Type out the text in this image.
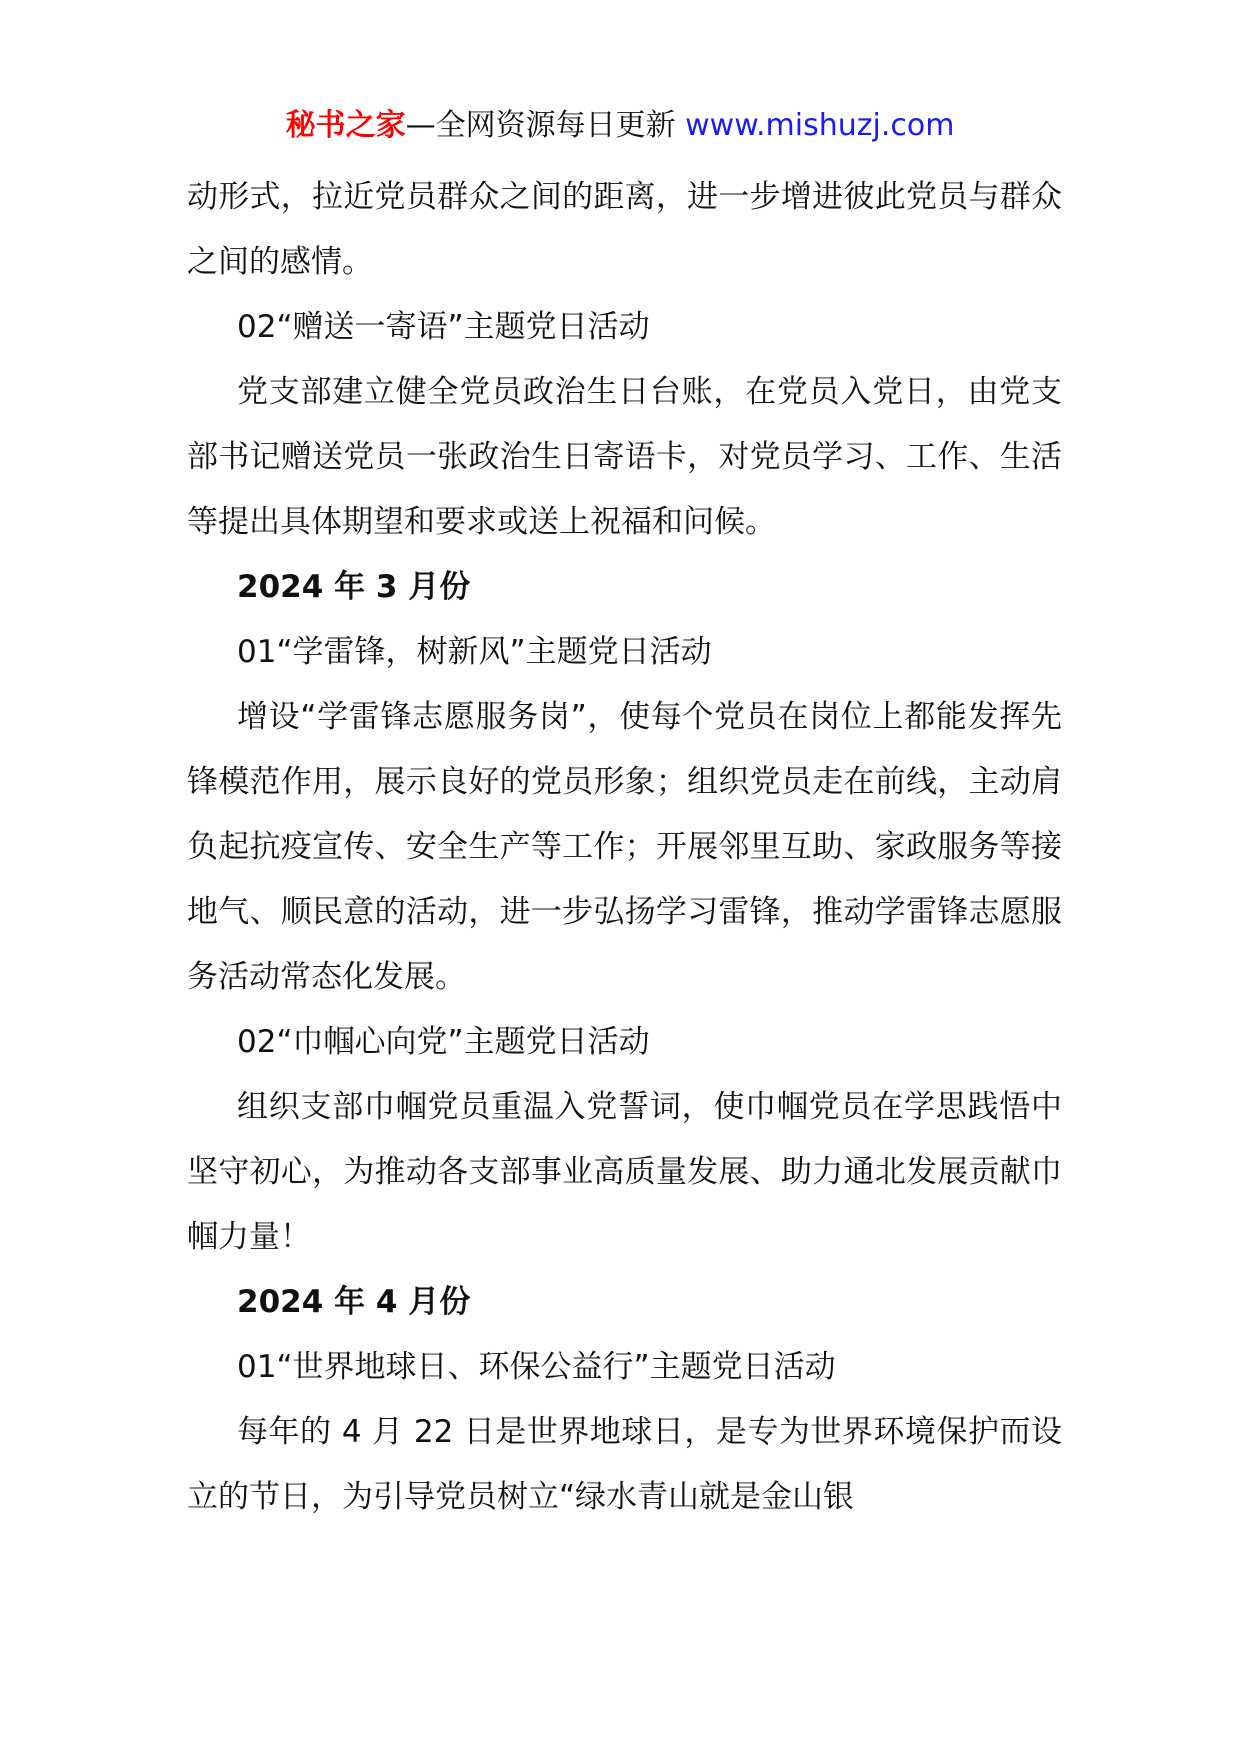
秘书之家—全网资源每日更新 www.mishuzj.com

动形式，拉近党员群众之间的距离，进一步增进彼此党员与群众之间的感情。

02“赠送一寄语”主题党日活动

党支部建立健全党员政治生日台账，在党员入党日，由党支部书记赠送党员一张政治生日寄语卡，对党员学习、工作、生活等提出具体期望和要求或送上祝福和问候。

2024 年 3 月份

01“学雷锋，树新风”主题党日活动

增设“学雷锋志愿服务岗”，使每个党员在岗位上都能发挥先锋模范作用，展示良好的党员形象；组织党员走在前线，主动肩负起抗疫宣传、安全生产等工作；开展邻里互助、家政服务等接地气、顺民意的活动，进一步弘扬学习雷锋，推动学雷锋志愿服务活动常态化发展。

02“巾帼心向党”主题党日活动

组织支部巾帼党员重温入党誓词，使巾帼党员在学思践悟中坚守初心，为推动各支部事业高质量发展、助力通北发展贡献巾帼力量！

2024 年 4 月份

01“世界地球日、环保公益行”主题党日活动

每年的 4 月 22 日是世界地球日，是专为世界环境保护而设立的节日，为引导党员树立“绿水青山就是金山银
